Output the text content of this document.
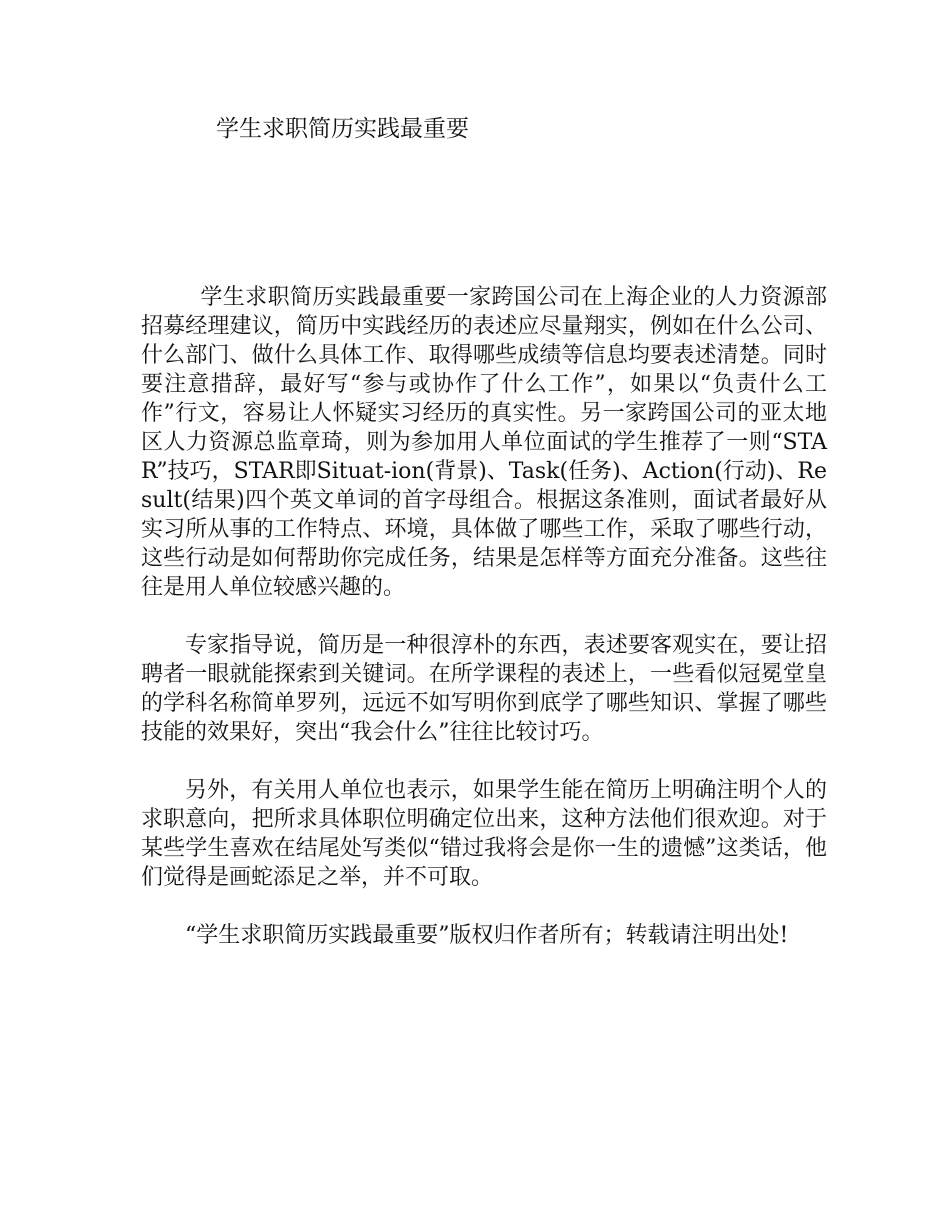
学生求职简历实践最重要

学生求职简历实践最重要一家跨国公司在上海企业的人力资源部招募经理建议，简历中实践经历的表述应尽量翔实，例如在什么公司、什么部门、做什么具体工作、取得哪些成绩等信息均要表述清楚。同时要注意措辞，最好写“参与或协作了什么工作”，如果以“负责什么工作”行文，容易让人怀疑实习经历的真实性。另一家跨国公司的亚太地区人力资源总监章琦，则为参加用人单位面试的学生推荐了一则“STAR”技巧，STAR即Situat-ion(背景)、Task(任务)、Action(行动)、Result(结果)四个英文单词的首字母组合。根据这条准则，面试者最好从实习所从事的工作特点、环境，具体做了哪些工作，采取了哪些行动，这些行动是如何帮助你完成任务，结果是怎样等方面充分准备。这些往往是用人单位较感兴趣的。

专家指导说，简历是一种很淳朴的东西，表述要客观实在，要让招聘者一眼就能探索到关键词。在所学课程的表述上，一些看似冠冕堂皇的学科名称简单罗列，远远不如写明你到底学了哪些知识、掌握了哪些技能的效果好，突出“我会什么”往往比较讨巧。

另外，有关用人单位也表示，如果学生能在简历上明确注明个人的求职意向，把所求具体职位明确定位出来，这种方法他们很欢迎。对于某些学生喜欢在结尾处写类似“错过我将会是你一生的遗憾”这类话，他们觉得是画蛇添足之举，并不可取。

“学生求职简历实践最重要”版权归作者所有；转载请注明出处!
